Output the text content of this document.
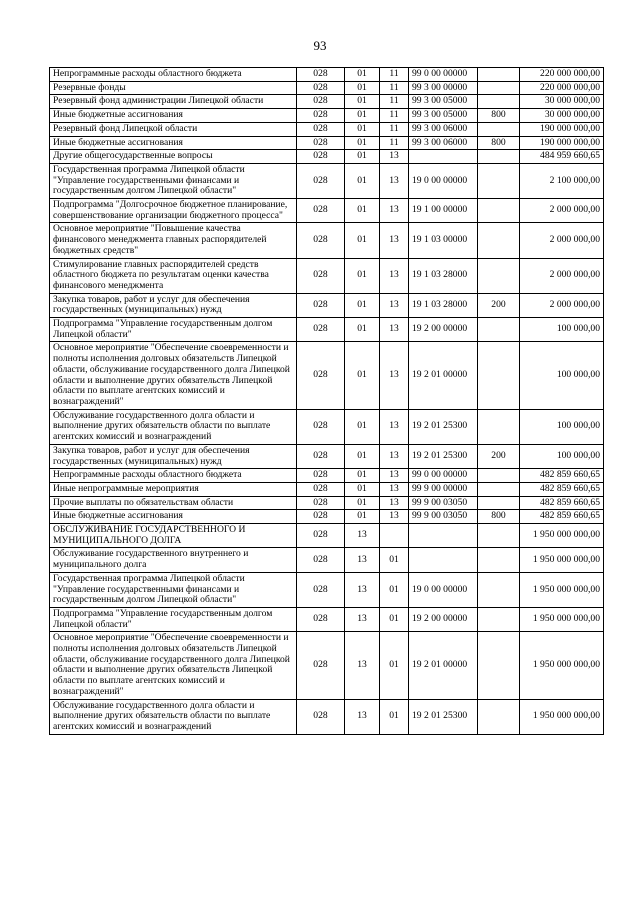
93
Непрограммные расходы областного бюджета	028	01	11	99 0 00 00000		220 000 000,00
Резервные фонды	028	01	11	99 3 00 00000		220 000 000,00
Резервный фонд администрации Липецкой области	028	01	11	99 3 00 05000		30 000 000,00
Иные бюджетные ассигнования	028	01	11	99 3 00 05000	800	30 000 000,00
Резервный фонд Липецкой области	028	01	11	99 3 00 06000		190 000 000,00
Иные бюджетные ассигнования	028	01	11	99 3 00 06000	800	190 000 000,00
Другие общегосударственные вопросы	028	01	13			484 959 660,65
Государственная программа Липецкой области "Управление государственными финансами и государственным долгом Липецкой области"	028	01	13	19 0 00 00000		2 100 000,00
Подпрограмма "Долгосрочное бюджетное планирование, совершенствование организации бюджетного процесса"	028	01	13	19 1 00 00000		2 000 000,00
Основное мероприятие "Повышение качества финансового менеджмента главных распорядителей бюджетных средств"	028	01	13	19 1 03 00000		2 000 000,00
Стимулирование главных распорядителей средств областного бюджета по результатам оценки качества финансового менеджмента	028	01	13	19 1 03 28000		2 000 000,00
Закупка товаров, работ и услуг для обеспечения государственных (муниципальных) нужд	028	01	13	19 1 03 28000	200	2 000 000,00
Подпрограмма "Управление государственным долгом Липецкой области"	028	01	13	19 2 00 00000		100 000,00
Основное мероприятие "Обеспечение своевременности и полноты исполнения долговых обязательств Липецкой области, обслуживание государственного долга Липецкой области и выполнение других обязательств Липецкой области по выплате агентских комиссий и вознаграждений"	028	01	13	19 2 01 00000		100 000,00
Обслуживание государственного долга области и выполнение других обязательств области по выплате агентских комиссий и вознаграждений	028	01	13	19 2 01 25300		100 000,00
Закупка товаров, работ и услуг для обеспечения государственных (муниципальных) нужд	028	01	13	19 2 01 25300	200	100 000,00
Непрограммные расходы областного бюджета	028	01	13	99 0 00 00000		482 859 660,65
Иные непрограммные мероприятия	028	01	13	99 9 00 00000		482 859 660,65
Прочие выплаты по обязательствам области	028	01	13	99 9 00 03050		482 859 660,65
Иные бюджетные ассигнования	028	01	13	99 9 00 03050	800	482 859 660,65
ОБСЛУЖИВАНИЕ ГОСУДАРСТВЕННОГО И МУНИЦИПАЛЬНОГО ДОЛГА	028	13				1 950 000 000,00
Обслуживание государственного внутреннего и муниципального долга	028	13	01			1 950 000 000,00
Государственная программа Липецкой области "Управление государственными финансами и государственным долгом Липецкой области"	028	13	01	19 0 00 00000		1 950 000 000,00
Подпрограмма "Управление государственным долгом Липецкой области"	028	13	01	19 2 00 00000		1 950 000 000,00
Основное мероприятие "Обеспечение своевременности и полноты исполнения долговых обязательств Липецкой области, обслуживание государственного долга Липецкой области и выполнение других обязательств Липецкой области по выплате агентских комиссий и вознаграждений"	028	13	01	19 2 01 00000		1 950 000 000,00
Обслуживание государственного долга области и выполнение других обязательств области по выплате агентских комиссий и вознаграждений	028	13	01	19 2 01 25300		1 950 000 000,00
